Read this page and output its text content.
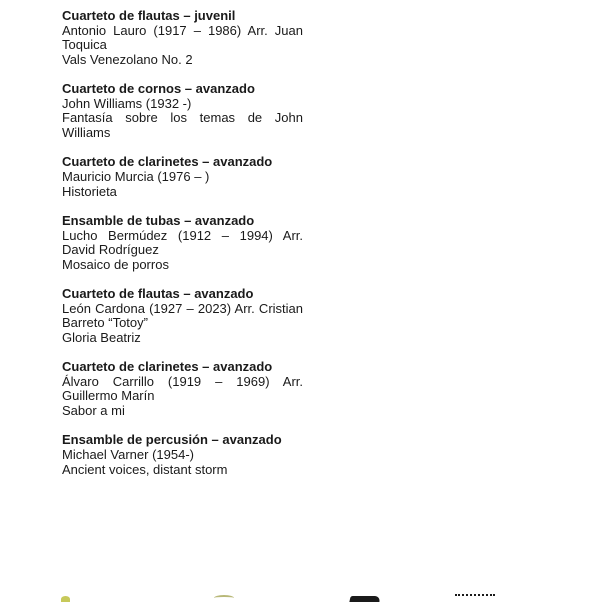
Cuarteto de flautas – juvenil
Antonio Lauro (1917 – 1986) Arr. Juan Toquica
Vals Venezolano No. 2
Cuarteto de cornos – avanzado
John Williams (1932 -)
Fantasía sobre los temas de John Williams
Cuarteto de clarinetes – avanzado
Mauricio Murcia (1976 – )
Historieta
Ensamble de tubas – avanzado
Lucho Bermúdez (1912 – 1994) Arr. David Rodríguez
Mosaico de porros
Cuarteto de flautas – avanzado
León Cardona (1927 – 2023) Arr. Cristian Barreto “Totoy”
Gloria Beatriz
Cuarteto de clarinetes – avanzado
Álvaro Carrillo (1919 – 1969) Arr. Guillermo Marín
Sabor a mi
Ensamble de percusión – avanzado
Michael Varner (1954-)
Ancient voices, distant storm
